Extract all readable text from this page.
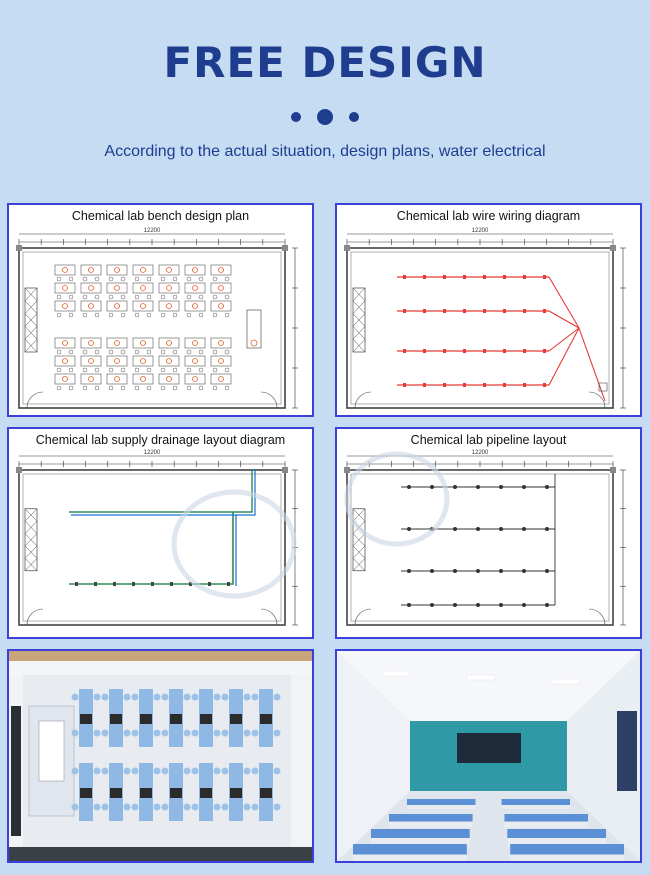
FREE DESIGN
According to the actual situation, design plans, water electrical
12200
Chemical lab bench design plan
12200
Chemical lab wire wiring diagram
12200
Chemical lab supply drainage layout diagram
12200
Chemical lab pipeline layout
